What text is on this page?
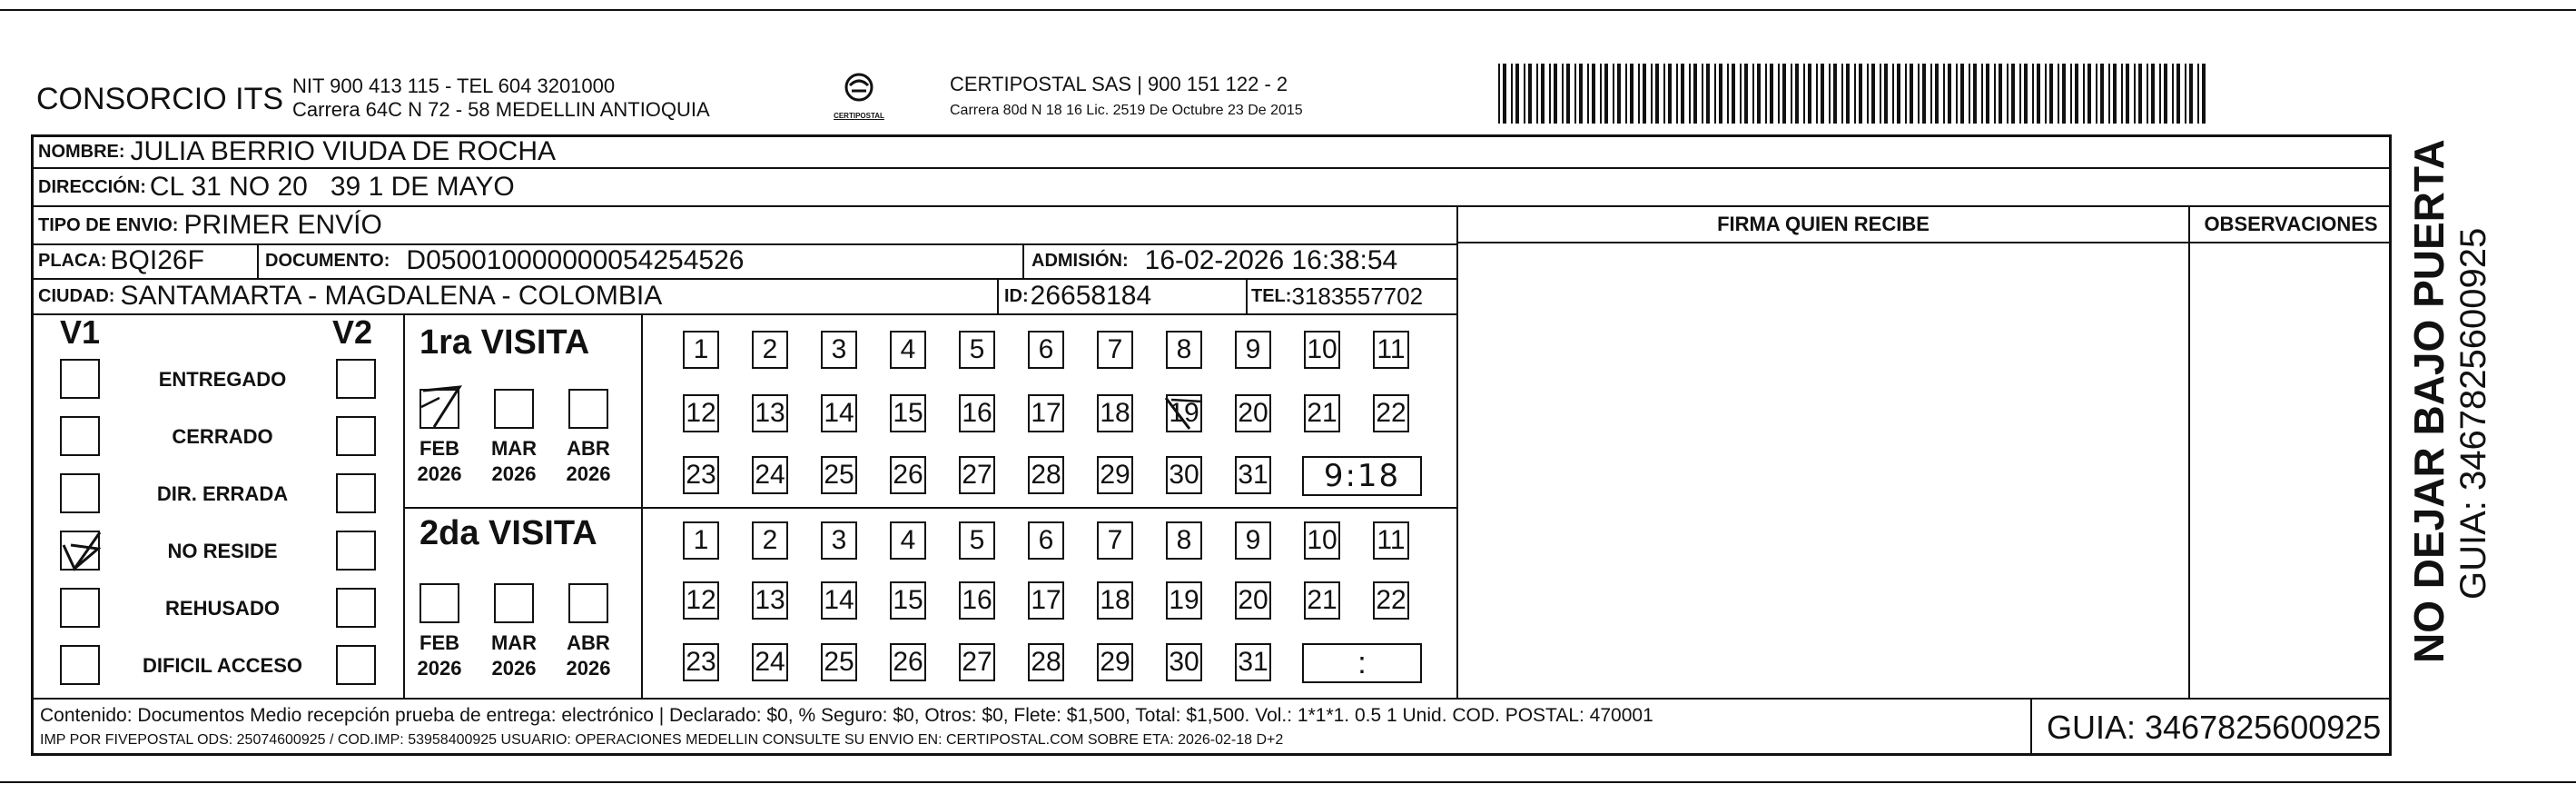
CONSORCIO ITS NIT 900 413 115 - TEL 604 3201000
Carrera 64C N 72 - 58 MEDELLIN ANTIOQUIA	CERTIPOSTAL
CERTIPOSTAL SAS | 900 151 122 - 2
Carrera 80d N 18 16 Lic. 2519 De Octubre 23 De 2015
NOMBRE: JULIA BERRIO VIUDA DE ROCHA
DIRECCIÓN: CL 31 NO 20   39 1 DE MAYO
TIPO DE ENVIO: PRIMER ENVÍO
PLACA: BQI26F	DOCUMENTO: D050010000000054254526	ADMISIÓN: 16-02-2026 16:38:54
CIUDAD: SANTAMARTA - MAGDALENA - COLOMBIA	ID: 26658184	TEL: 3183557702
FIRMA QUIEN RECIBE	OBSERVACIONES
V1	V2
ENTREGADO
CERRADO
DIR. ERRADA
NO RESIDE
REHUSADO
DIFICIL ACCESO
1ra VISITA
FEB
2026
MAR
2026
ABR
2026
1 2 3 4 5 6 7 8 9 10 11
12 13 14 15 16 17 18 19 20 21 22
23 24 25 26 27 28 29 30 31 9:18
2da VISITA
FEB
2026
MAR
2026
ABR
2026
1 2 3 4 5 6 7 8 9 10 11
12 13 14 15 16 17 18 19 20 21 22
23 24 25 26 27 28 29 30 31	:
Contenido: Documentos Medio recepción prueba de entrega: electrónico | Declarado: $0, % Seguro: $0, Otros: $0, Flete: $1,500, Total: $1,500. Vol.: 1*1*1. 0.5 1 Unid. COD. POSTAL: 470001
IMP POR FIVEPOSTAL ODS: 25074600925 / COD.IMP: 53958400925 USUARIO: OPERACIONES MEDELLIN CONSULTE SU ENVIO EN: CERTIPOSTAL.COM SOBRE ETA: 2026-02-18 D+2	GUIA: 3467825600925
NO DEJAR BAJO PUERTA GUIA: 3467825600925
